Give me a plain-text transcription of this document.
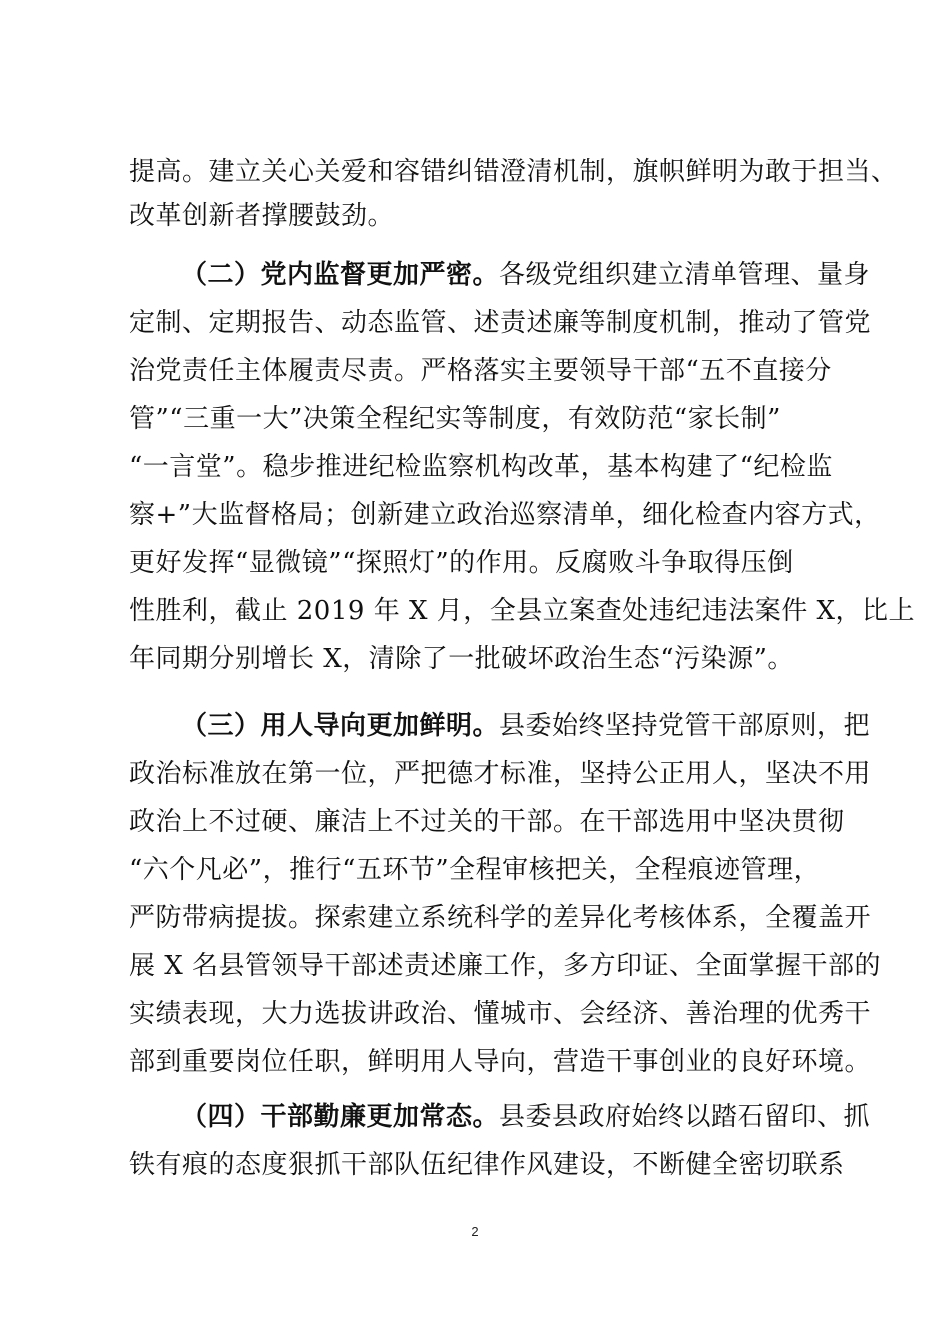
提高。建立关心关爱和容错纠错澄清机制，旗帜鲜明为敢于担当、
改革创新者撑腰鼓劲。
（二）党内监督更加严密。各级党组织建立清单管理、量身
定制、定期报告、动态监管、述责述廉等制度机制，推动了管党
治党责任主体履责尽责。严格落实主要领导干部“五不直接分
管”“三重一大”决策全程纪实等制度，有效防范“家长制”
“一言堂”。稳步推进纪检监察机构改革，基本构建了“纪检监
察+”大监督格局；创新建立政治巡察清单，细化检查内容方式，
更好发挥“显微镜”“探照灯”的作用。反腐败斗争取得压倒
性胜利，截止 2019 年 X 月，全县立案查处违纪违法案件 X，比上
年同期分别增长 X，清除了一批破坏政治生态“污染源”。
（三）用人导向更加鲜明。县委始终坚持党管干部原则，把
政治标准放在第一位，严把德才标准，坚持公正用人，坚决不用
政治上不过硬、廉洁上不过关的干部。在干部选用中坚决贯彻
“六个凡必”，推行“五环节”全程审核把关，全程痕迹管理，
严防带病提拔。探索建立系统科学的差异化考核体系，全覆盖开
展 X 名县管领导干部述责述廉工作，多方印证、全面掌握干部的
实绩表现，大力选拔讲政治、懂城市、会经济、善治理的优秀干
部到重要岗位任职，鲜明用人导向，营造干事创业的良好环境。
（四）干部勤廉更加常态。县委县政府始终以踏石留印、抓
铁有痕的态度狠抓干部队伍纪律作风建设，不断健全密切联系
2
